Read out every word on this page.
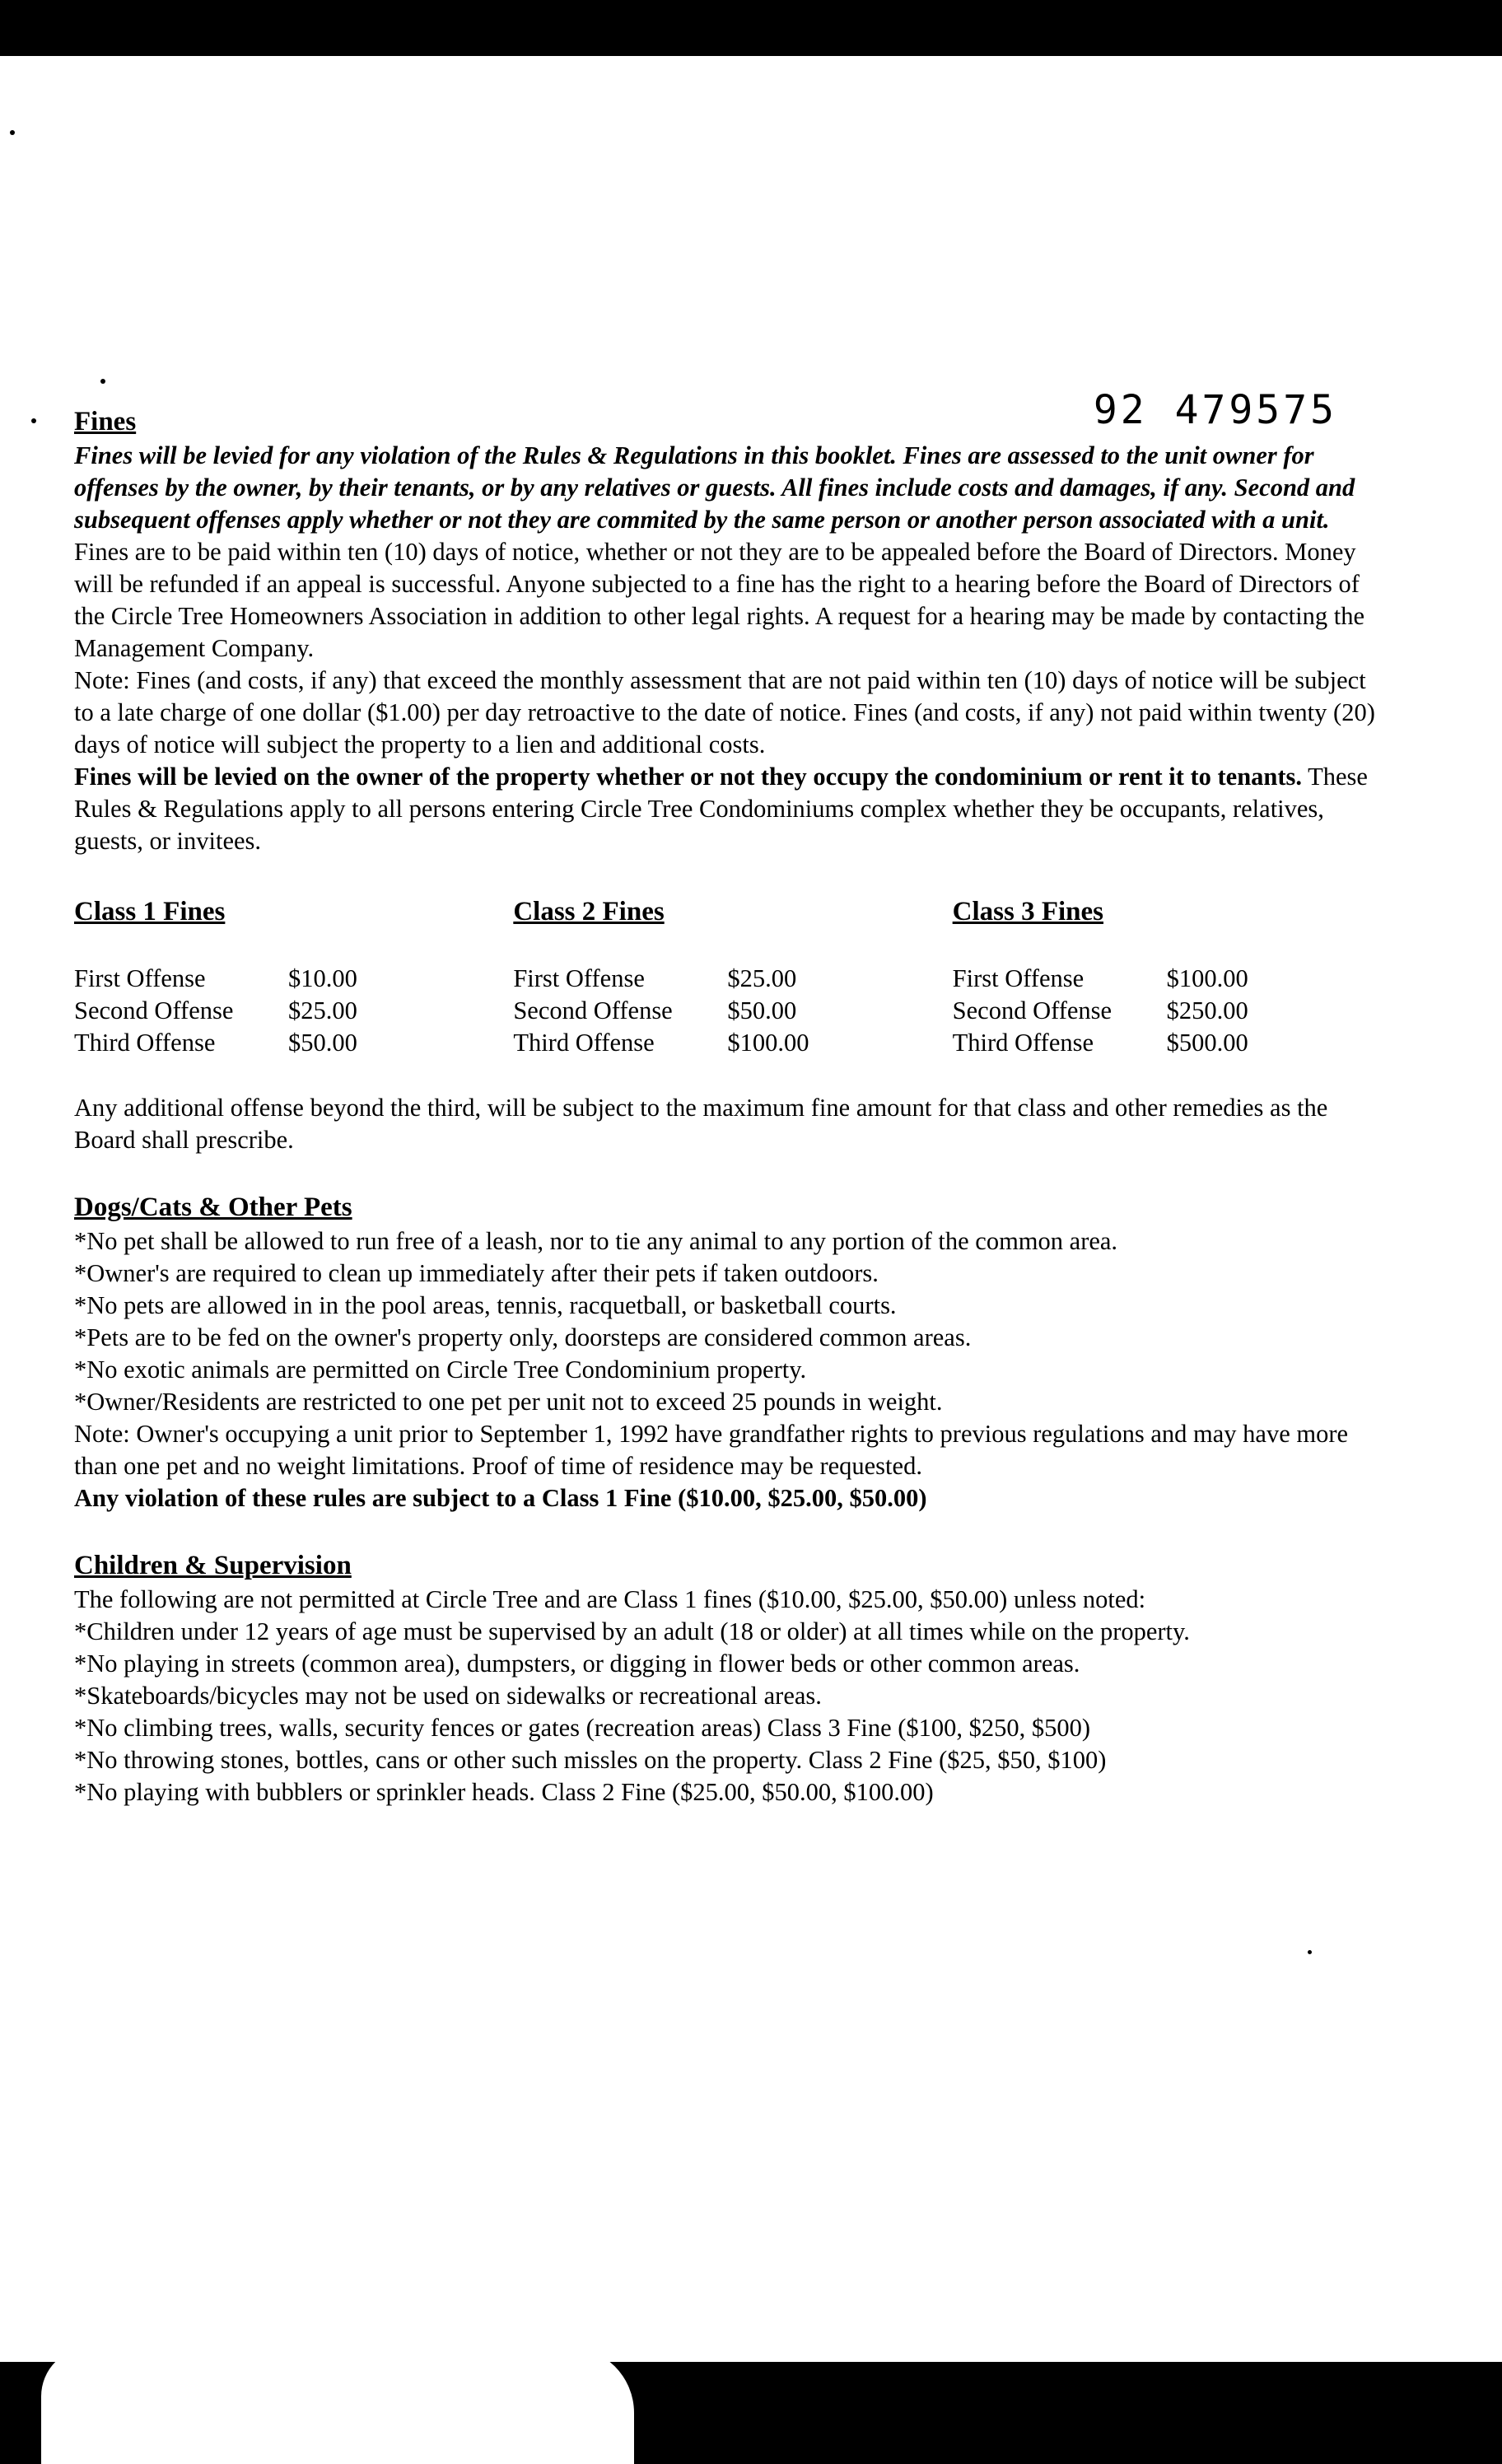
92 479575
Fines

Fines will be levied for any violation of the Rules & Regulations in this booklet. Fines are assessed to the unit owner for offenses by the owner, by their tenants, or by any relatives or guests. All fines include costs and damages, if any. Second and subsequent offenses apply whether or not they are commited by the same person or another person associated with a unit.

Fines are to be paid within ten (10) days of notice, whether or not they are to be appealed before the Board of Directors. Money will be refunded if an appeal is successful. Anyone subjected to a fine has the right to a hearing before the Board of Directors of the Circle Tree Homeowners Association in addition to other legal rights. A request for a hearing may be made by contacting the Management Company.

Note: Fines (and costs, if any) that exceed the monthly assessment that are not paid within ten (10) days of notice will be subject to a late charge of one dollar ($1.00) per day retroactive to the date of notice. Fines (and costs, if any) not paid within twenty (20) days of notice will subject the property to a lien and additional costs.

Fines will be levied on the owner of the property whether or not they occupy the condominium or rent it to tenants. These Rules & Regulations apply to all persons entering Circle Tree Condominiums complex whether they be occupants, relatives, guests, or invitees.

Class 1 Fines
First Offense	$10.00
Second Offense	$25.00
Third Offense	$50.00
Class 2 Fines
First Offense	$25.00
Second Offense	$50.00
Third Offense	$100.00
Class 3 Fines
First Offense	$100.00
Second Offense	$250.00
Third Offense	$500.00

Any additional offense beyond the third, will be subject to the maximum fine amount for that class and other remedies as the Board shall prescribe.

Dogs/Cats & Other Pets

*No pet shall be allowed to run free of a leash, nor to tie any animal to any portion of the common area.

*Owner's are required to clean up immediately after their pets if taken outdoors.

*No pets are allowed in in the pool areas, tennis, racquetball, or basketball courts.

*Pets are to be fed on the owner's property only, doorsteps are considered common areas.

*No exotic animals are permitted on Circle Tree Condominium property.

*Owner/Residents are restricted to one pet per unit not to exceed 25 pounds in weight.

Note: Owner's occupying a unit prior to September 1, 1992 have grandfather rights to previous regulations and may have more than one pet and no weight limitations. Proof of time of residence may be requested.

Any violation of these rules are subject to a Class 1 Fine ($10.00, $25.00, $50.00)

Children & Supervision

The following are not permitted at Circle Tree and are Class 1 fines ($10.00, $25.00, $50.00) unless noted:

*Children under 12 years of age must be supervised by an adult (18 or older) at all times while on the property.

*No playing in streets (common area), dumpsters, or digging in flower beds or other common areas.

*Skateboards/bicycles may not be used on sidewalks or recreational areas.

*No climbing trees, walls, security fences or gates (recreation areas) Class 3 Fine ($100, $250, $500)

*No throwing stones, bottles, cans or other such missles on the property. Class 2 Fine ($25, $50, $100)

*No playing with bubblers or sprinkler heads. Class 2 Fine ($25.00, $50.00, $100.00)
